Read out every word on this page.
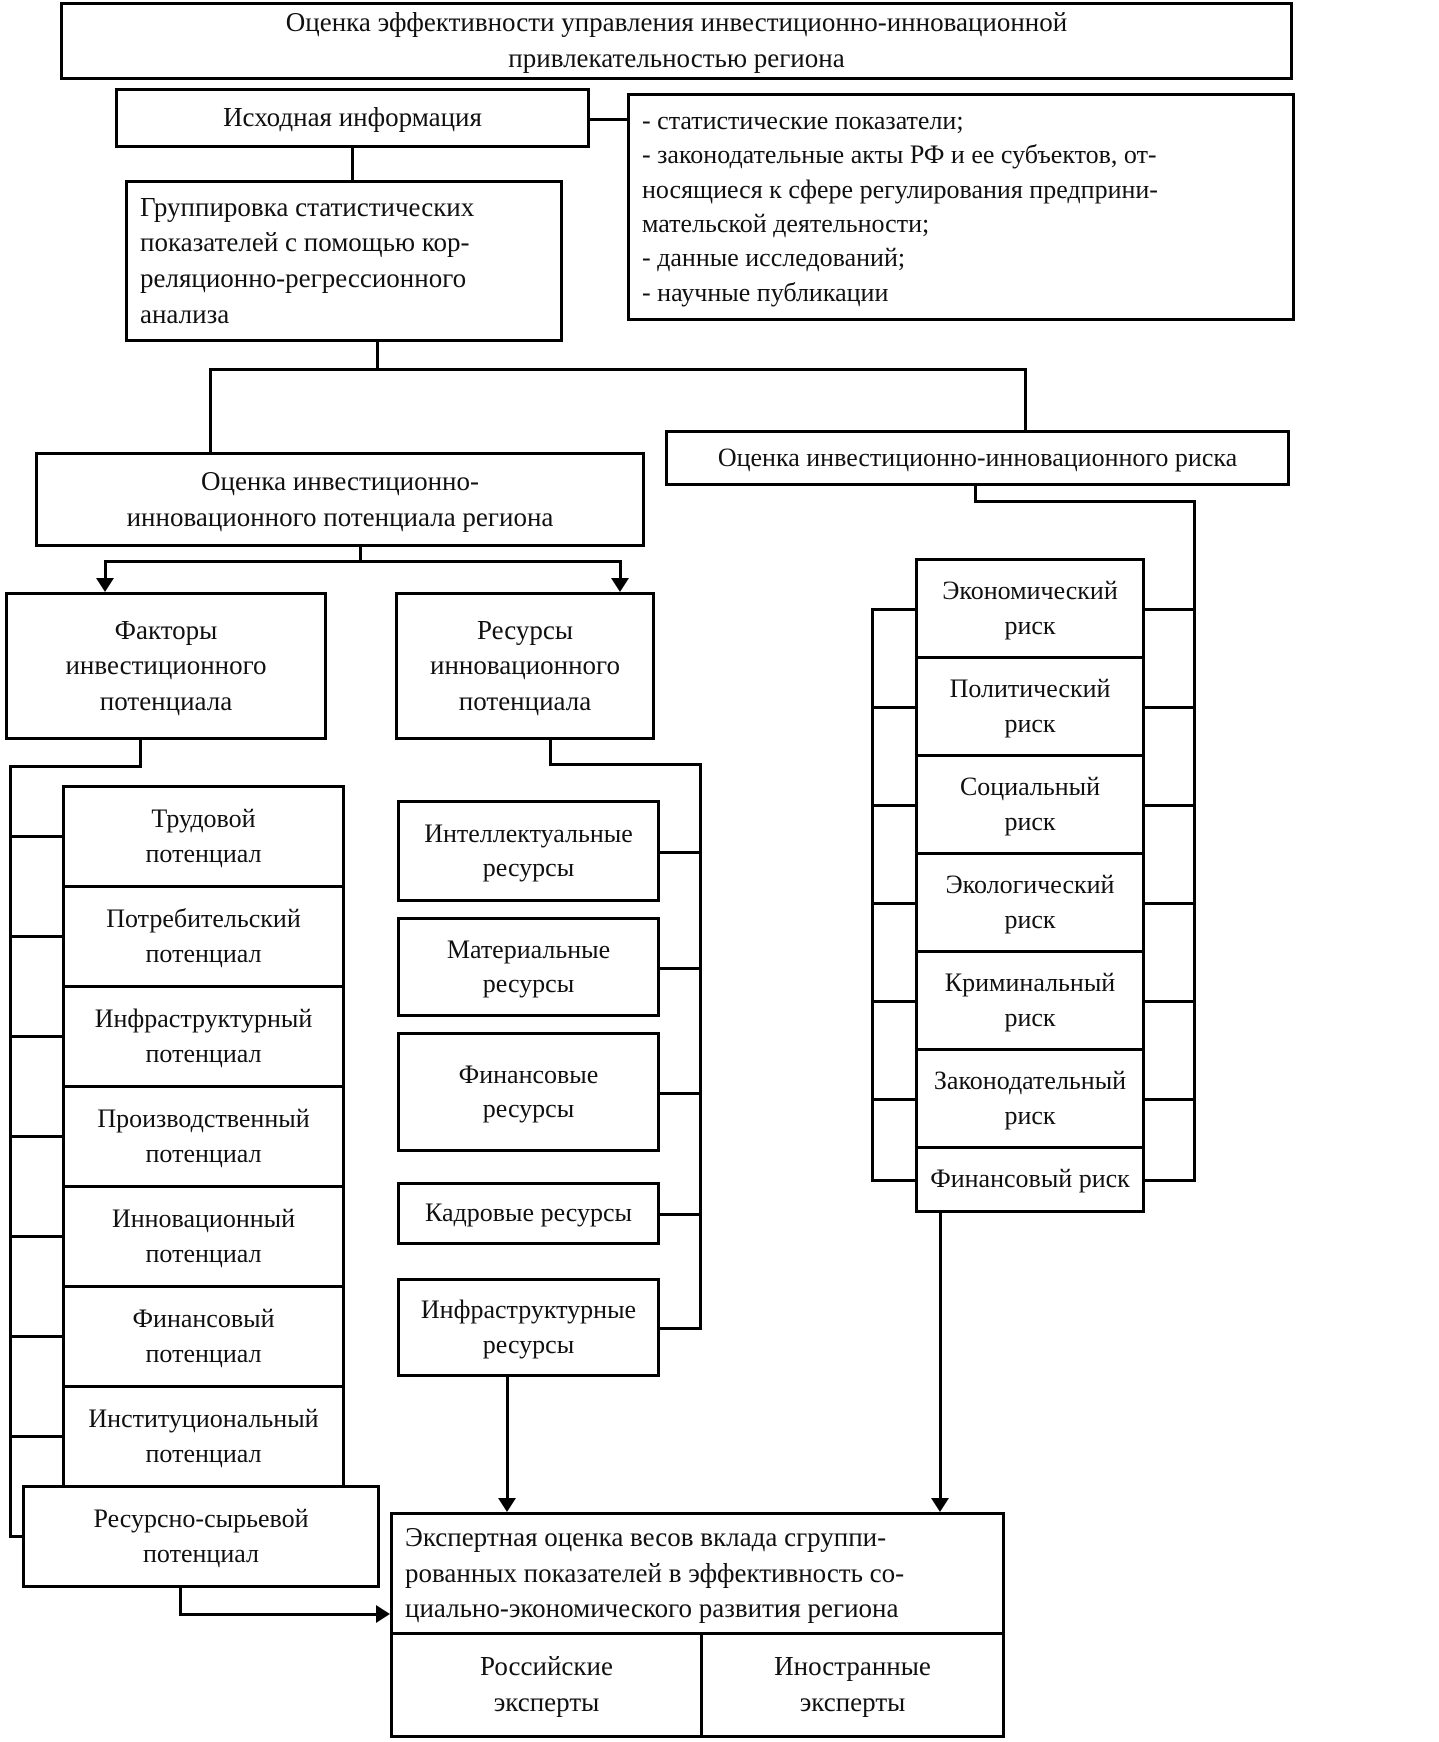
Оценка эффективности управления инвестиционно-инновационной
привлекательностью региона
Исходная информация	- статистические показатели;
- законодательные акты РФ и ее субъектов, от-
носящиеся к сфере регулирования предприни-
мательской деятельности;
- данные исследований;
- научные публикации
Группировка статистических
показателей с помощью кор-
реляционно-регрессионного
анализа
Оценка инвестиционно-
инновационного потенциала региона
Оценка инвестиционно-инновационного риска
Факторы
инвестиционного
потенциала
Ресурсы
инновационного
потенциала
Трудовой
потенциал
Потребительский
потенциал
Инфраструктурный
потенциал
Производственный
потенциал
Инновационный
потенциал
Финансовый
потенциал
Институциональный
потенциал
Ресурсно-сырьевой
потенциал
Интеллектуальные
ресурсы
Материальные
ресурсы
Финансовые
ресурсы
Кадровые ресурсы
Инфраструктурные
ресурсы
Экономический
риск
Политический
риск
Социальный
риск
Экологический
риск
Криминальный
риск
Законодательный
риск
Финансовый риск
Экспертная оценка весов вклада сгруппи-
рованных показателей в эффективность со-
циально-экономического развития региона
Российские
эксперты
Иностранные
эксперты
